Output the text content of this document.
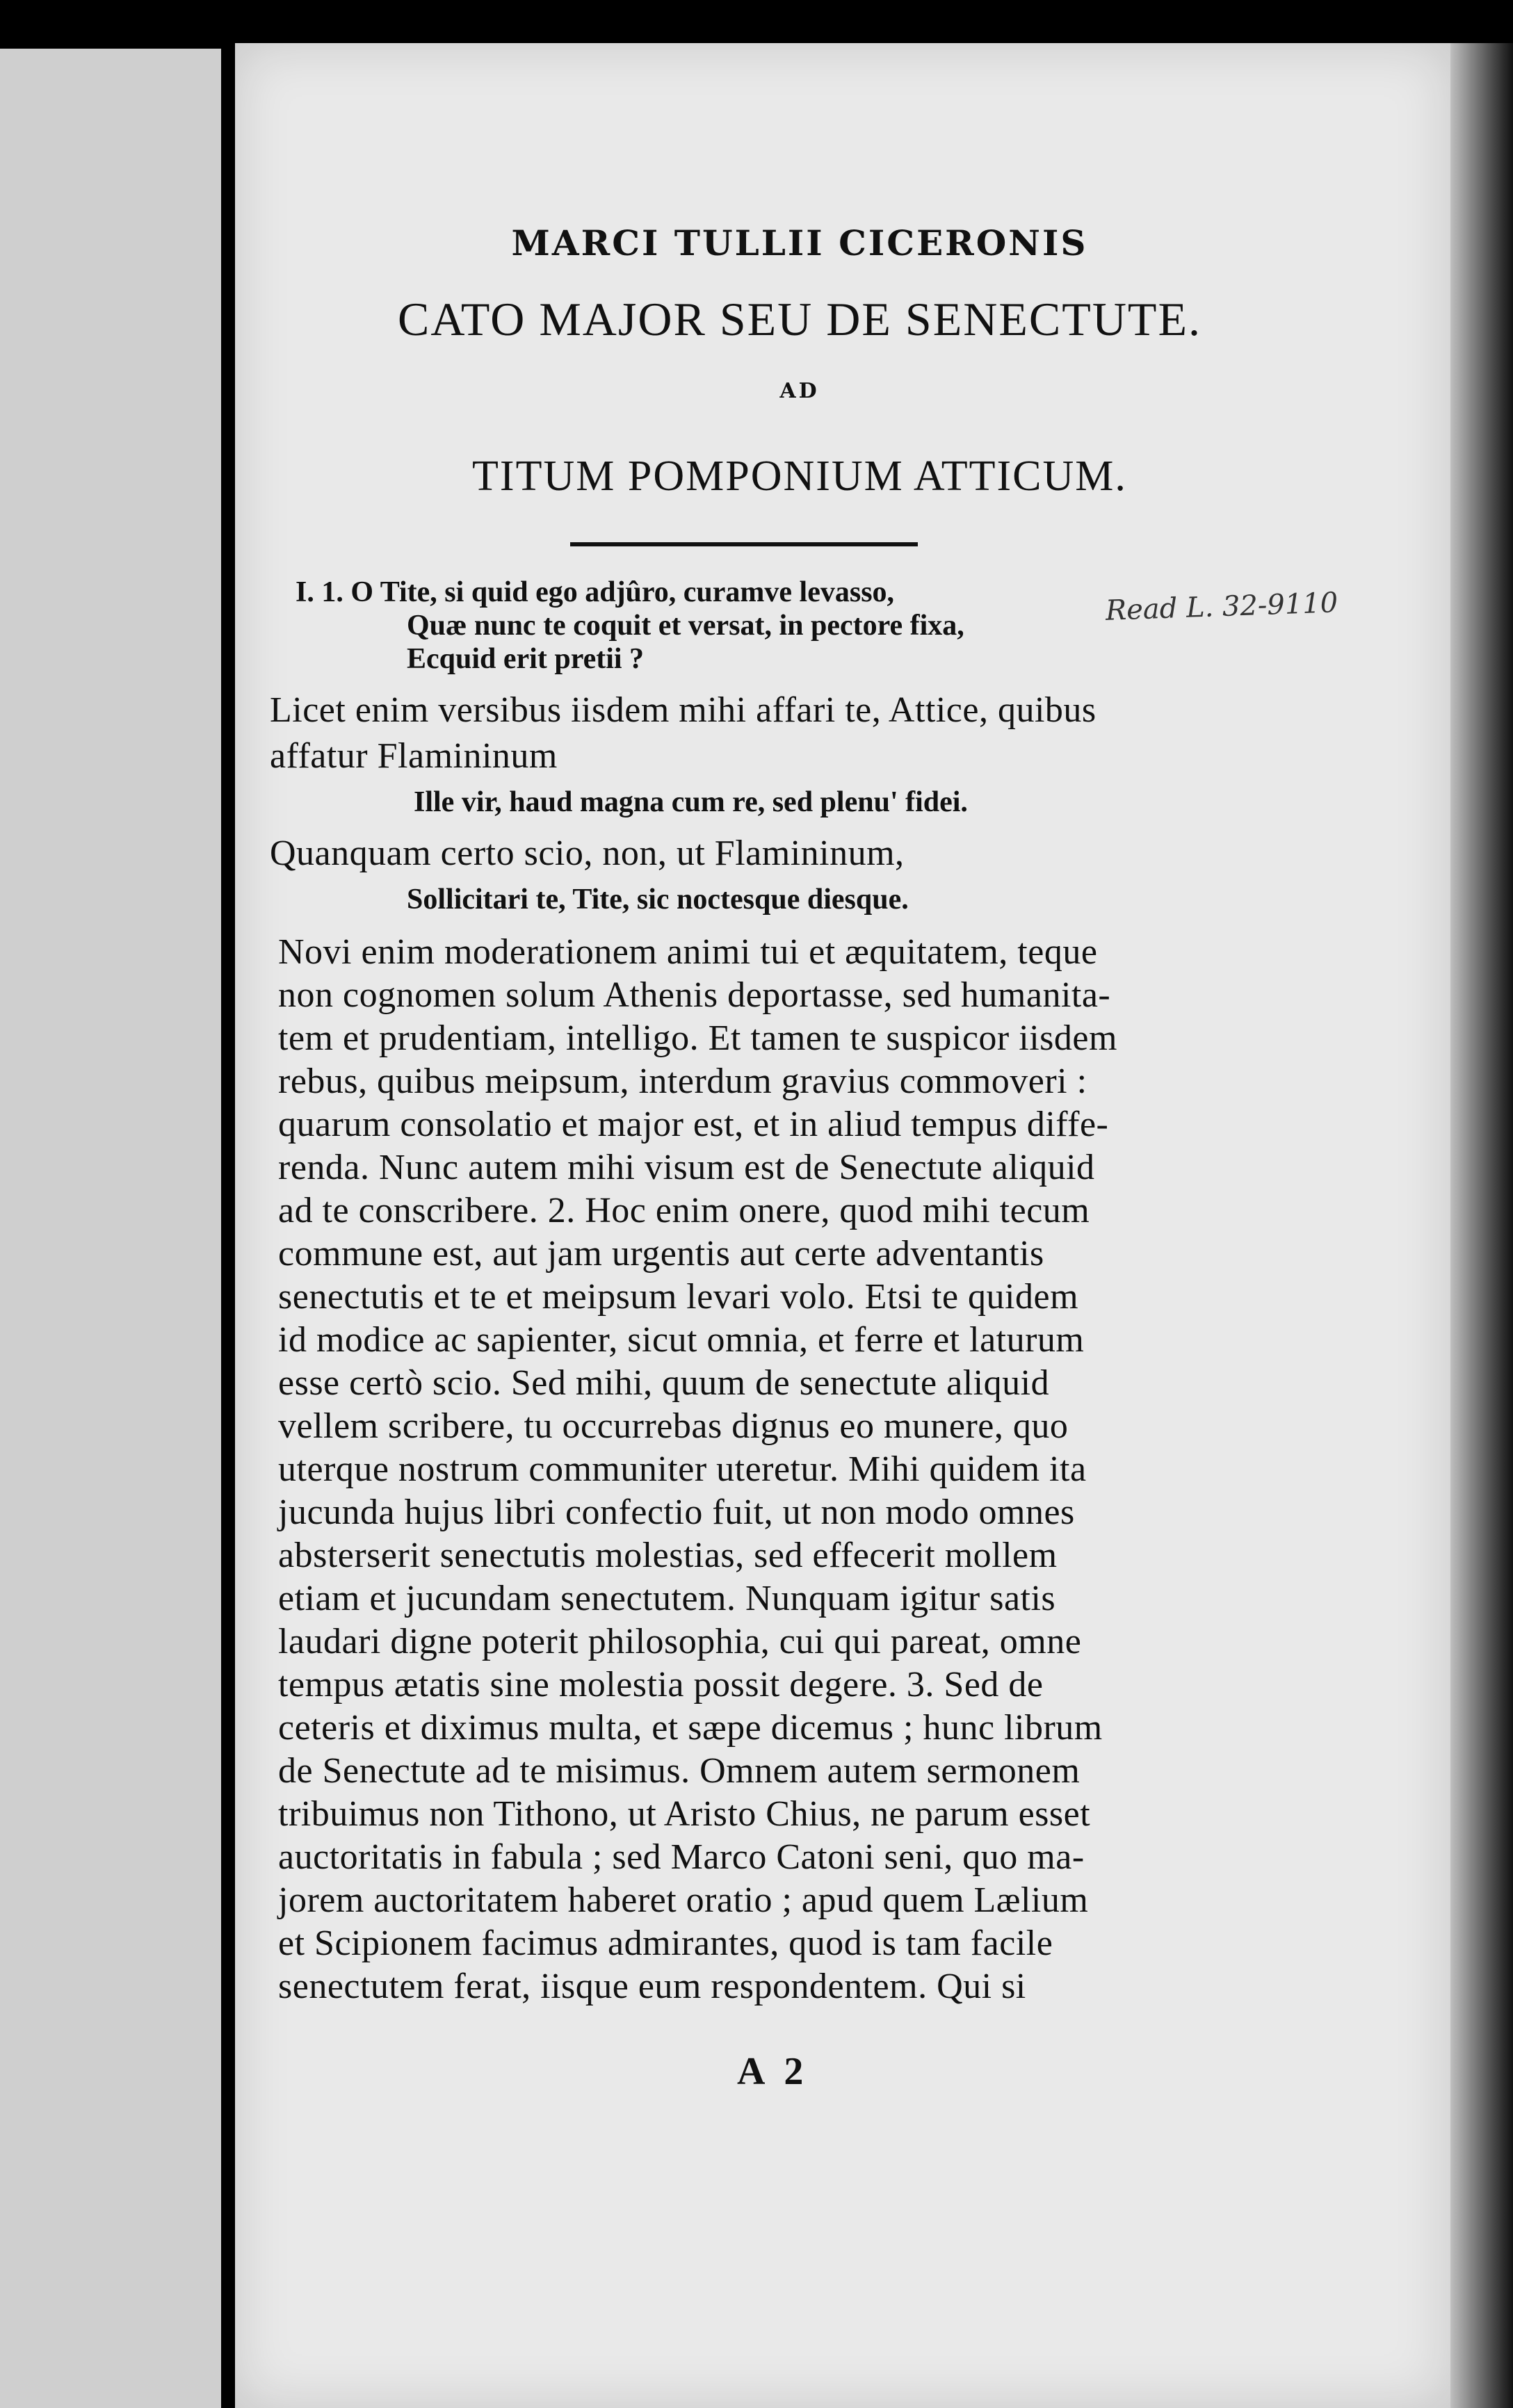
MARCI TULLII CICERONIS
CATO MAJOR SEU DE SENECTUTE.
AD
TITUM POMPONIUM ATTICUM.
Read L. 32-9110
I. 1. O Tite, si quid ego adjûro, curamve levasso,
Quæ nunc te coquit et versat, in pectore fixa,
Ecquid erit pretii ?
Licet enim versibus iisdem mihi affari te, Attice, quibus
affatur Flamininum
Ille vir, haud magna cum re, sed plenu' fidei.
Quanquam certo scio, non, ut Flamininum,
Sollicitari te, Tite, sic noctesque diesque.
Novi enim moderationem animi tui et æquitatem, teque
non cognomen solum Athenis deportasse, sed humanita-
tem et prudentiam, intelligo. Et tamen te suspicor iisdem
rebus, quibus meipsum, interdum gravius commoveri :
quarum consolatio et major est, et in aliud tempus diffe-
renda. Nunc autem mihi visum est de Senectute aliquid
ad te conscribere. 2. Hoc enim onere, quod mihi tecum
commune est, aut jam urgentis aut certe adventantis
senectutis et te et meipsum levari volo. Etsi te quidem
id modice ac sapienter, sicut omnia, et ferre et laturum
esse certò scio. Sed mihi, quum de senectute aliquid
vellem scribere, tu occurrebas dignus eo munere, quo
uterque nostrum communiter uteretur. Mihi quidem ita
jucunda hujus libri confectio fuit, ut non modo omnes
absterserit senectutis molestias, sed effecerit mollem
etiam et jucundam senectutem. Nunquam igitur satis
laudari digne poterit philosophia, cui qui pareat, omne
tempus ætatis sine molestia possit degere. 3. Sed de
ceteris et diximus multa, et sæpe dicemus ; hunc librum
de Senectute ad te misimus. Omnem autem sermonem
tribuimus non Tithono, ut Aristo Chius, ne parum esset
auctoritatis in fabula ; sed Marco Catoni seni, quo ma-
jorem auctoritatem haberet oratio ; apud quem Lælium
et Scipionem facimus admirantes, quod is tam facile
senectutem ferat, iisque eum respondentem. Qui si
A 2
